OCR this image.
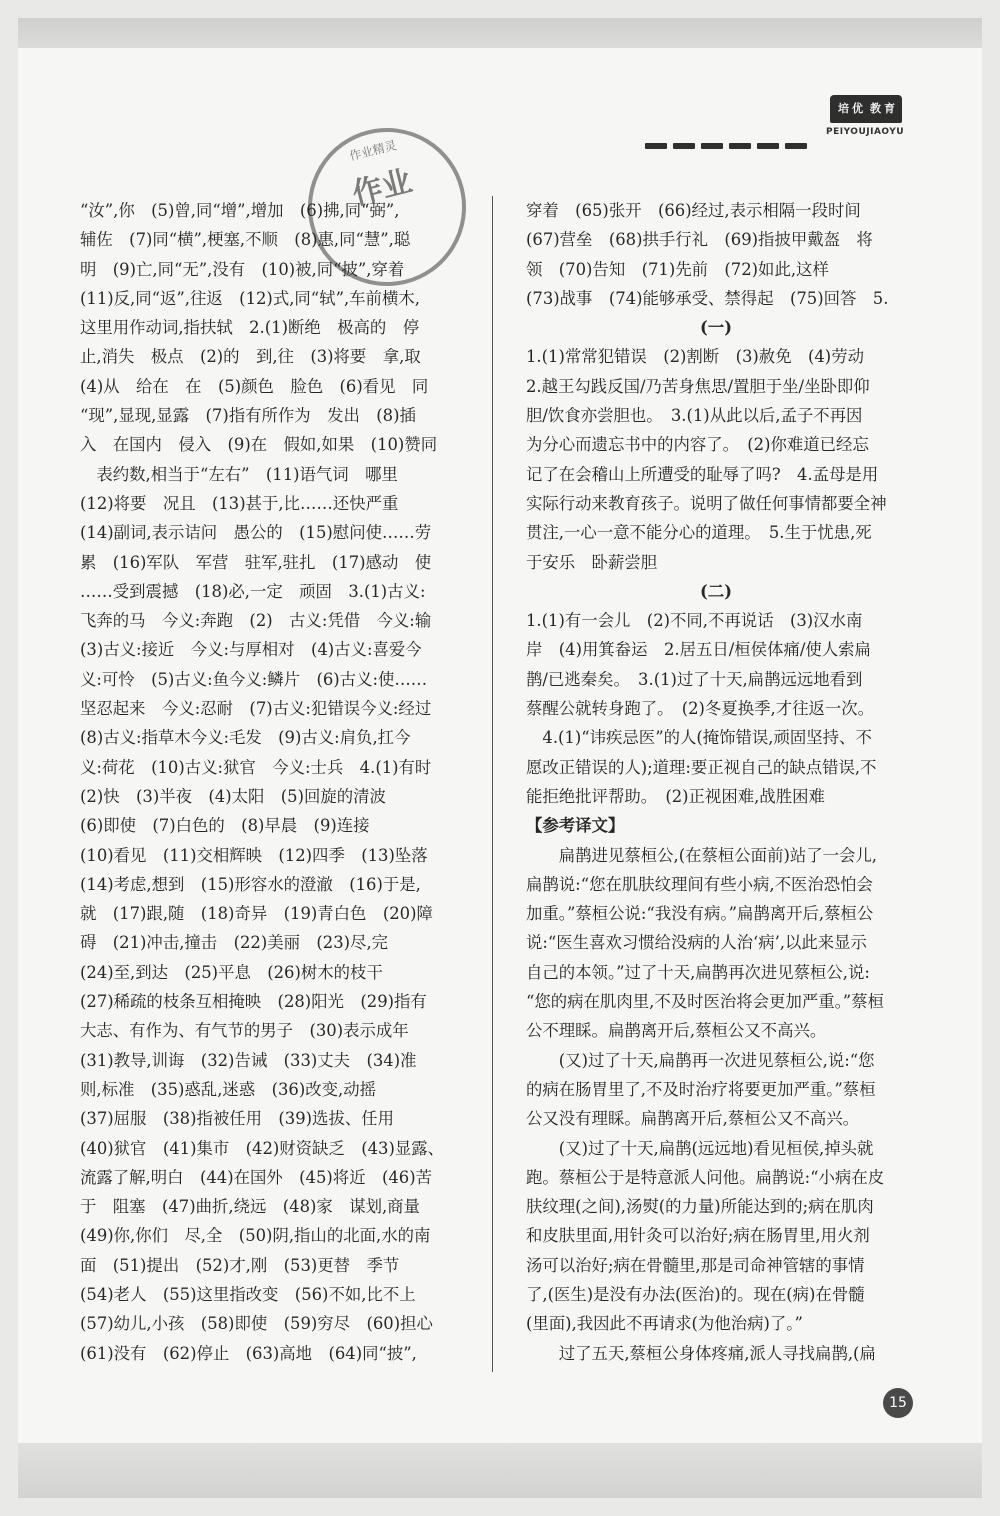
培 优 教 育
PEIYOUJIAOYU
作业精灵
作业

“汝”,你　(5)曾,同“增”,增加　(6)拂,同“弼”,

辅佐　(7)同“横”,梗塞,不顺　(8)惠,同“慧”,聪

明　(9)亡,同“无”,没有　(10)被,同“披”,穿着

(11)反,同“返”,往返　(12)式,同“轼”,车前横木,

这里用作动词,指扶轼　2.(1)断绝　极高的　停

止,消失　极点　(2)的　到,往　(3)将要　拿,取

(4)从　给在　在　(5)颜色　脸色　(6)看见　同

“现”,显现,显露　(7)指有所作为　发出　(8)插

入　在国内　侵入　(9)在　假如,如果　(10)赞同

　表约数,相当于“左右”　(11)语气词　哪里

(12)将要　况且　(13)甚于,比……还快严重

(14)副词,表示诘问　愚公的　(15)慰问使……劳

累　(16)军队　军营　驻军,驻扎　(17)感动　使

……受到震撼　(18)必,一定　顽固　3.(1)古义:

飞奔的马　今义:奔跑　(2)　古义:凭借　今义:输

(3)古义:接近　今义:与厚相对　(4)古义:喜爱今

义:可怜　(5)古义:鱼今义:鳞片　(6)古义:使……

坚忍起来　今义:忍耐　(7)古义:犯错误今义:经过

(8)古义:指草木今义:毛发　(9)古义:肩负,扛今

义:荷花　(10)古义:狱官　今义:士兵　4.(1)有时

(2)快　(3)半夜　(4)太阳　(5)回旋的清波

(6)即使　(7)白色的　(8)早晨　(9)连接

(10)看见　(11)交相辉映　(12)四季　(13)坠落

(14)考虑,想到　(15)形容水的澄澈　(16)于是,

就　(17)跟,随　(18)奇异　(19)青白色　(20)障

碍　(21)冲击,撞击　(22)美丽　(23)尽,完

(24)至,到达　(25)平息　(26)树木的枝干

(27)稀疏的枝条互相掩映　(28)阳光　(29)指有

大志、有作为、有气节的男子　(30)表示成年

(31)教导,训诲　(32)告诫　(33)丈夫　(34)准

则,标准　(35)惑乱,迷惑　(36)改变,动摇

(37)屈服　(38)指被任用　(39)选拔、任用

(40)狱官　(41)集市　(42)财资缺乏　(43)显露、

流露了解,明白　(44)在国外　(45)将近　(46)苦

于　阻塞　(47)曲折,绕远　(48)家　谋划,商量

(49)你,你们　尽,全　(50)阴,指山的北面,水的南

面　(51)提出　(52)才,刚　(53)更替　季节

(54)老人　(55)这里指改变　(56)不如,比不上

(57)幼儿,小孩　(58)即使　(59)穷尽　(60)担心

(61)没有　(62)停止　(63)高地　(64)同“披”,

穿着　(65)张开　(66)经过,表示相隔一段时间

(67)营垒　(68)拱手行礼　(69)指披甲戴盔　将

领　(70)告知　(71)先前　(72)如此,这样

(73)战事　(74)能够承受、禁得起　(75)回答　5.

(一)

1.(1)常常犯错误　(2)割断　(3)赦免　(4)劳动

2.越王勾践反国/乃苦身焦思/置胆于坐/坐卧即仰

胆/饮食亦尝胆也。　3.(1)从此以后,孟子不再因

为分心而遗忘书中的内容了。　(2)你难道已经忘

记了在会稽山上所遭受的耻辱了吗?　4.孟母是用

实际行动来教育孩子。说明了做任何事情都要全神

贯注,一心一意不能分心的道理。　5.生于忧患,死

于安乐　卧薪尝胆

(二)

1.(1)有一会儿　(2)不同,不再说话　(3)汉水南

岸　(4)用箕畚运　2.居五日/桓侯体痛/使人索扁

鹊/已逃秦矣。　3.(1)过了十天,扁鹊远远地看到

蔡醒公就转身跑了。　(2)冬夏换季,才往返一次。

　4.(1)“讳疾忌医”的人(掩饰错误,顽固坚持、不

愿改正错误的人);道理:要正视自己的缺点错误,不

能拒绝批评帮助。　(2)正视困难,战胜困难

【参考译文】

　　扁鹊进见蔡桓公,(在蔡桓公面前)站了一会儿,

扁鹊说:“您在肌肤纹理间有些小病,不医治恐怕会

加重。”蔡桓公说:“我没有病。”扁鹊离开后,蔡桓公

说:“医生喜欢习惯给没病的人治‘病’,以此来显示

自己的本领。”过了十天,扁鹊再次进见蔡桓公,说:

“您的病在肌肉里,不及时医治将会更加严重。”蔡桓

公不理睬。扁鹊离开后,蔡桓公又不高兴。

　　(又)过了十天,扁鹊再一次进见蔡桓公,说:“您

的病在肠胃里了,不及时治疗将要更加严重。”蔡桓

公又没有理睬。扁鹊离开后,蔡桓公又不高兴。

　　(又)过了十天,扁鹊(远远地)看见桓侯,掉头就

跑。蔡桓公于是特意派人问他。扁鹊说:“小病在皮

肤纹理(之间),汤熨(的力量)所能达到的;病在肌肉

和皮肤里面,用针灸可以治好;病在肠胃里,用火剂

汤可以治好;病在骨髓里,那是司命神管辖的事情

了,(医生)是没有办法(医治)的。现在(病)在骨髓

(里面),我因此不再请求(为他治病)了。”

　　过了五天,蔡桓公身体疼痛,派人寻找扁鹊,(扁

15
